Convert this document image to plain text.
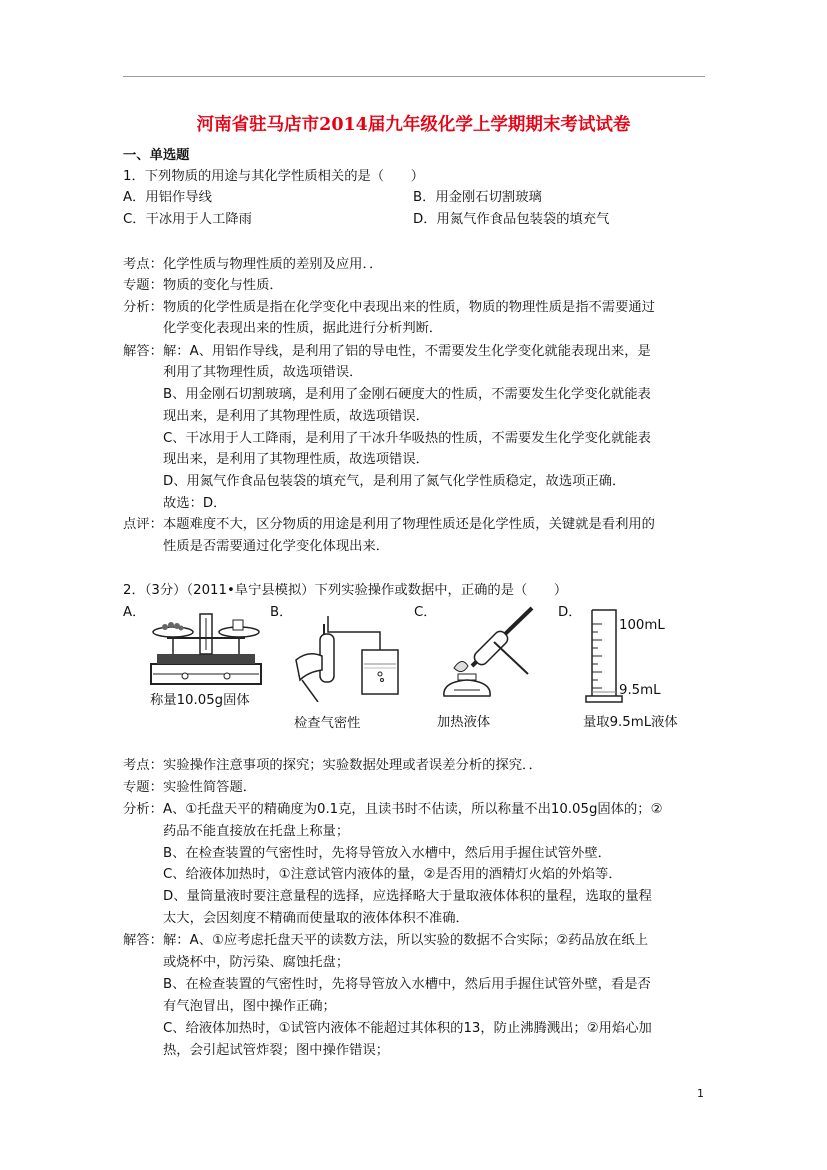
河南省驻马店市2014届九年级化学上学期期末考试试卷
一、单选题
1．下列物质的用途与其化学性质相关的是（　　）
A．用铝作导线	B．用金刚石切割玻璃
C．干冰用于人工降雨	D．用氮气作食品包装袋的填充气
考点： 化学性质与物理性质的差别及应用．．
专题： 物质的变化与性质．
分析： 物质的化学性质是指在化学变化中表现出来的性质，物质的物理性质是指不需要通过
化学变化表现出来的性质，据此进行分析判断．
解答： 解：A、用铝作导线，是利用了铝的导电性，不需要发生化学变化就能表现出来，是
利用了其物理性质，故选项错误．
B、用金刚石切割玻璃，是利用了金刚石硬度大的性质，不需要发生化学变化就能表
现出来，是利用了其物理性质，故选项错误．
C、干冰用于人工降雨，是利用了干冰升华吸热的性质，不需要发生化学变化就能表
现出来，是利用了其物理性质，故选项错误．
D、用氮气作食品包装袋的填充气，是利用了氮气化学性质稳定，故选项正确．
故选：D．
点评： 本题难度不大，区分物质的用途是利用了物理性质还是化学性质，关键就是看利用的
性质是否需要通过化学变化体现出来．
2．（3分）（2011•阜宁县模拟）下列实验操作或数据中，正确的是（　　）
A．	B．	C．	D．
称量10.05g固体
检查气密性	加热液体
100mL
9.5mL
量取9.5mL液体
考点： 实验操作注意事项的探究；实验数据处理或者误差分析的探究．．
专题： 实验性简答题．
分析： A、①托盘天平的精确度为0.1克，且读书时不估读，所以称量不出10.05g固体的；②
药品不能直接放在托盘上称量；
B、在检查装置的气密性时，先将导管放入水槽中，然后用手握住试管外壁．
C、给液体加热时，①注意试管内液体的量，②是否用的酒精灯火焰的外焰等．
D、量筒量液时要注意量程的选择，应选择略大于量取液体体积的量程，选取的量程
太大，会因刻度不精确而使量取的液体体积不准确．
解答： 解：A、①应考虑托盘天平的读数方法，所以实验的数据不合实际；②药品放在纸上
或烧杯中，防污染、腐蚀托盘；
B、在检查装置的气密性时，先将导管放入水槽中，然后用手握住试管外壁，看是否
有气泡冒出，图中操作正确；
C、给液体加热时，①试管内液体不能超过其体积的13，防止沸腾溅出；②用焰心加
热，会引起试管炸裂；图中操作错误；
1
